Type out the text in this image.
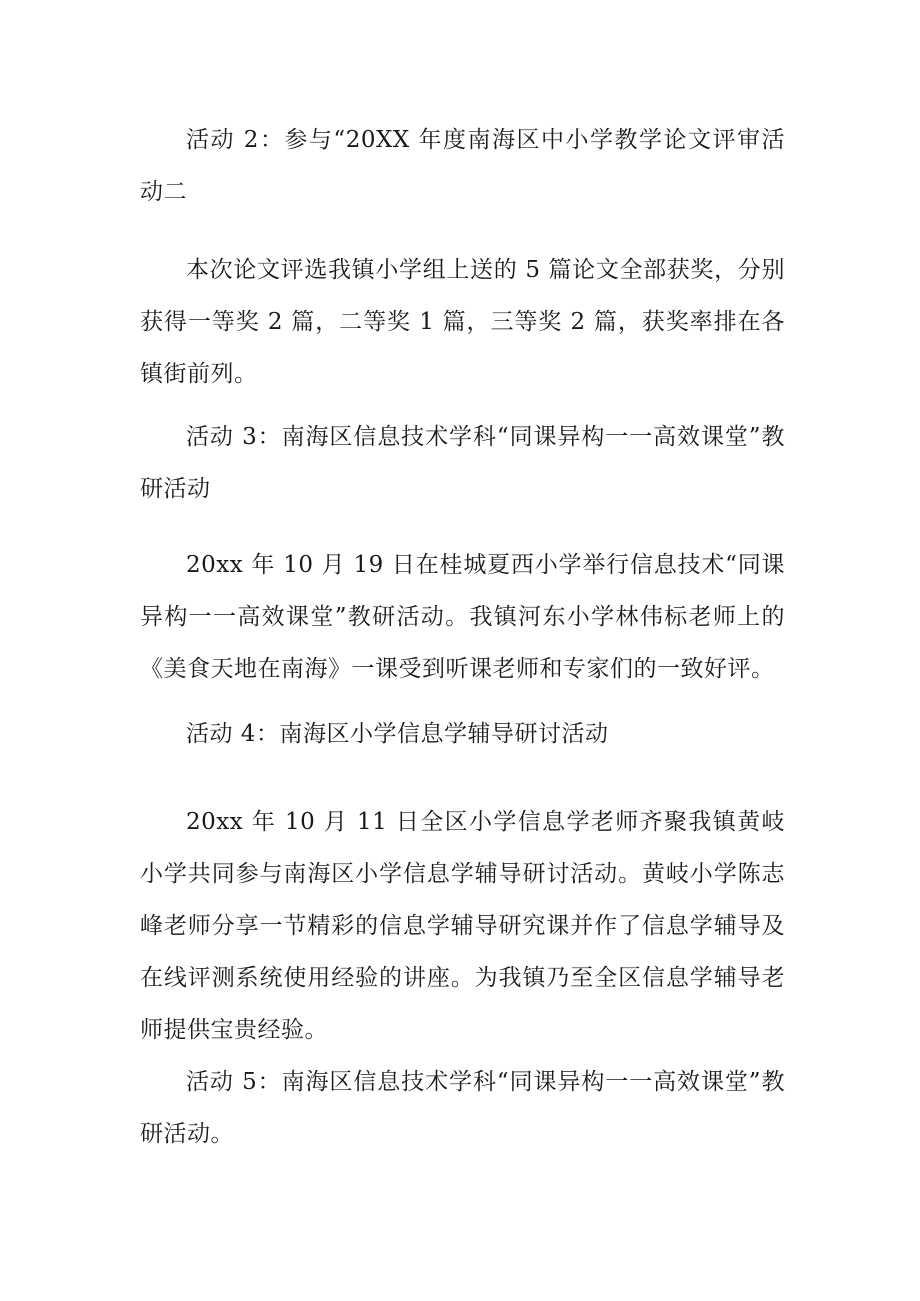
活动 2：参与“20XX 年度南海区中小学教学论文评审活动二

本次论文评选我镇小学组上送的 5 篇论文全部获奖，分别获得一等奖 2 篇，二等奖 1 篇，三等奖 2 篇，获奖率排在各镇街前列。

活动 3：南海区信息技术学科“同课异构一一高效课堂”教研活动

20xx 年 10 月 19 日在桂城夏西小学举行信息技术“同课异构一一高效课堂”教研活动。我镇河东小学林伟标老师上的《美食天地在南海》一课受到听课老师和专家们的一致好评。

活动 4：南海区小学信息学辅导研讨活动

20xx 年 10 月 11 日全区小学信息学老师齐聚我镇黄岐小学共同参与南海区小学信息学辅导研讨活动。黄岐小学陈志峰老师分享一节精彩的信息学辅导研究课并作了信息学辅导及在线评测系统使用经验的讲座。为我镇乃至全区信息学辅导老师提供宝贵经验。

活动 5：南海区信息技术学科“同课异构一一高效课堂”教研活动。
